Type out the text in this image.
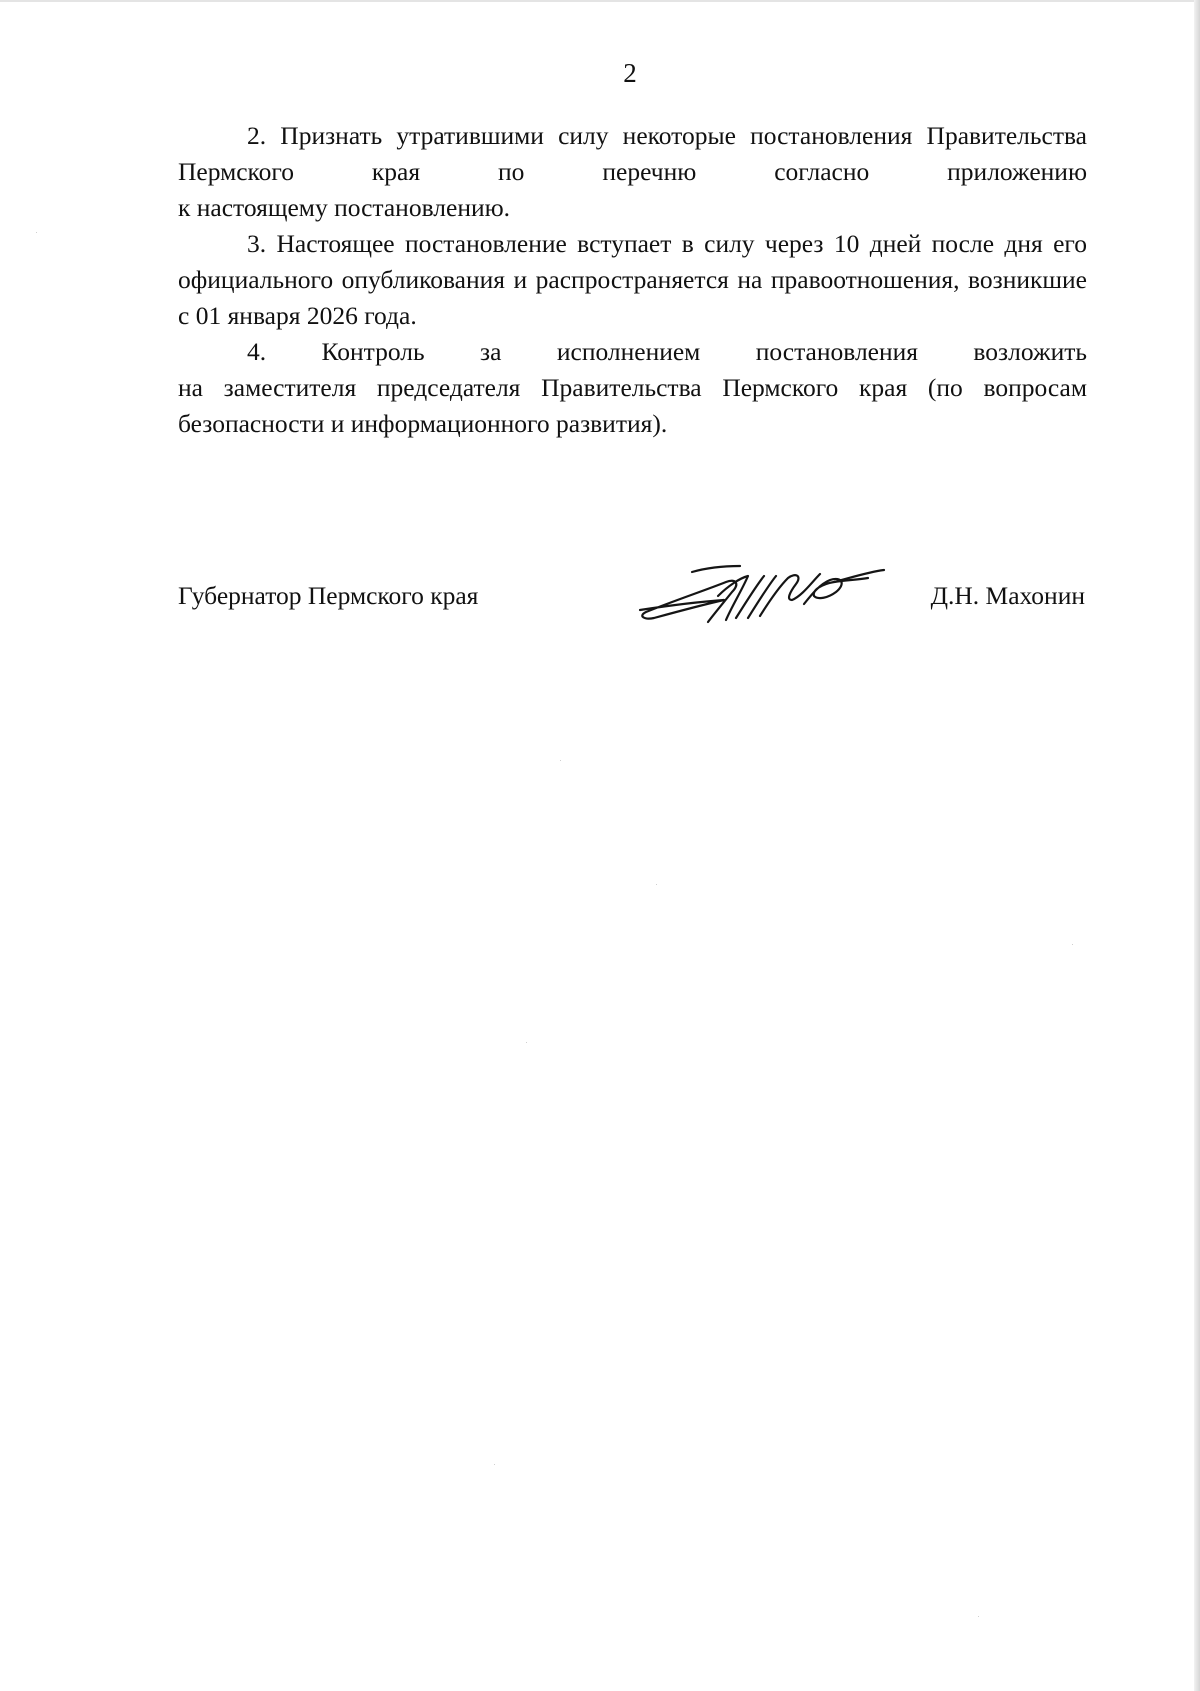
2

2. Признать утратившими силу некоторые постановления Правительства Пермского края по перечню согласно приложению

к настоящему постановлению.

3. Настоящее постановление вступает в силу через 10 дней после дня его официального опубликования и распространяется на правоотношения, возникшие с 01 января 2026 года.

4. Контроль за исполнением постановления возложить

на заместителя председателя Правительства Пермского края (по вопросам безопасности и информационного развития).

Губернатор Пермского края	Д.Н. Махонин
